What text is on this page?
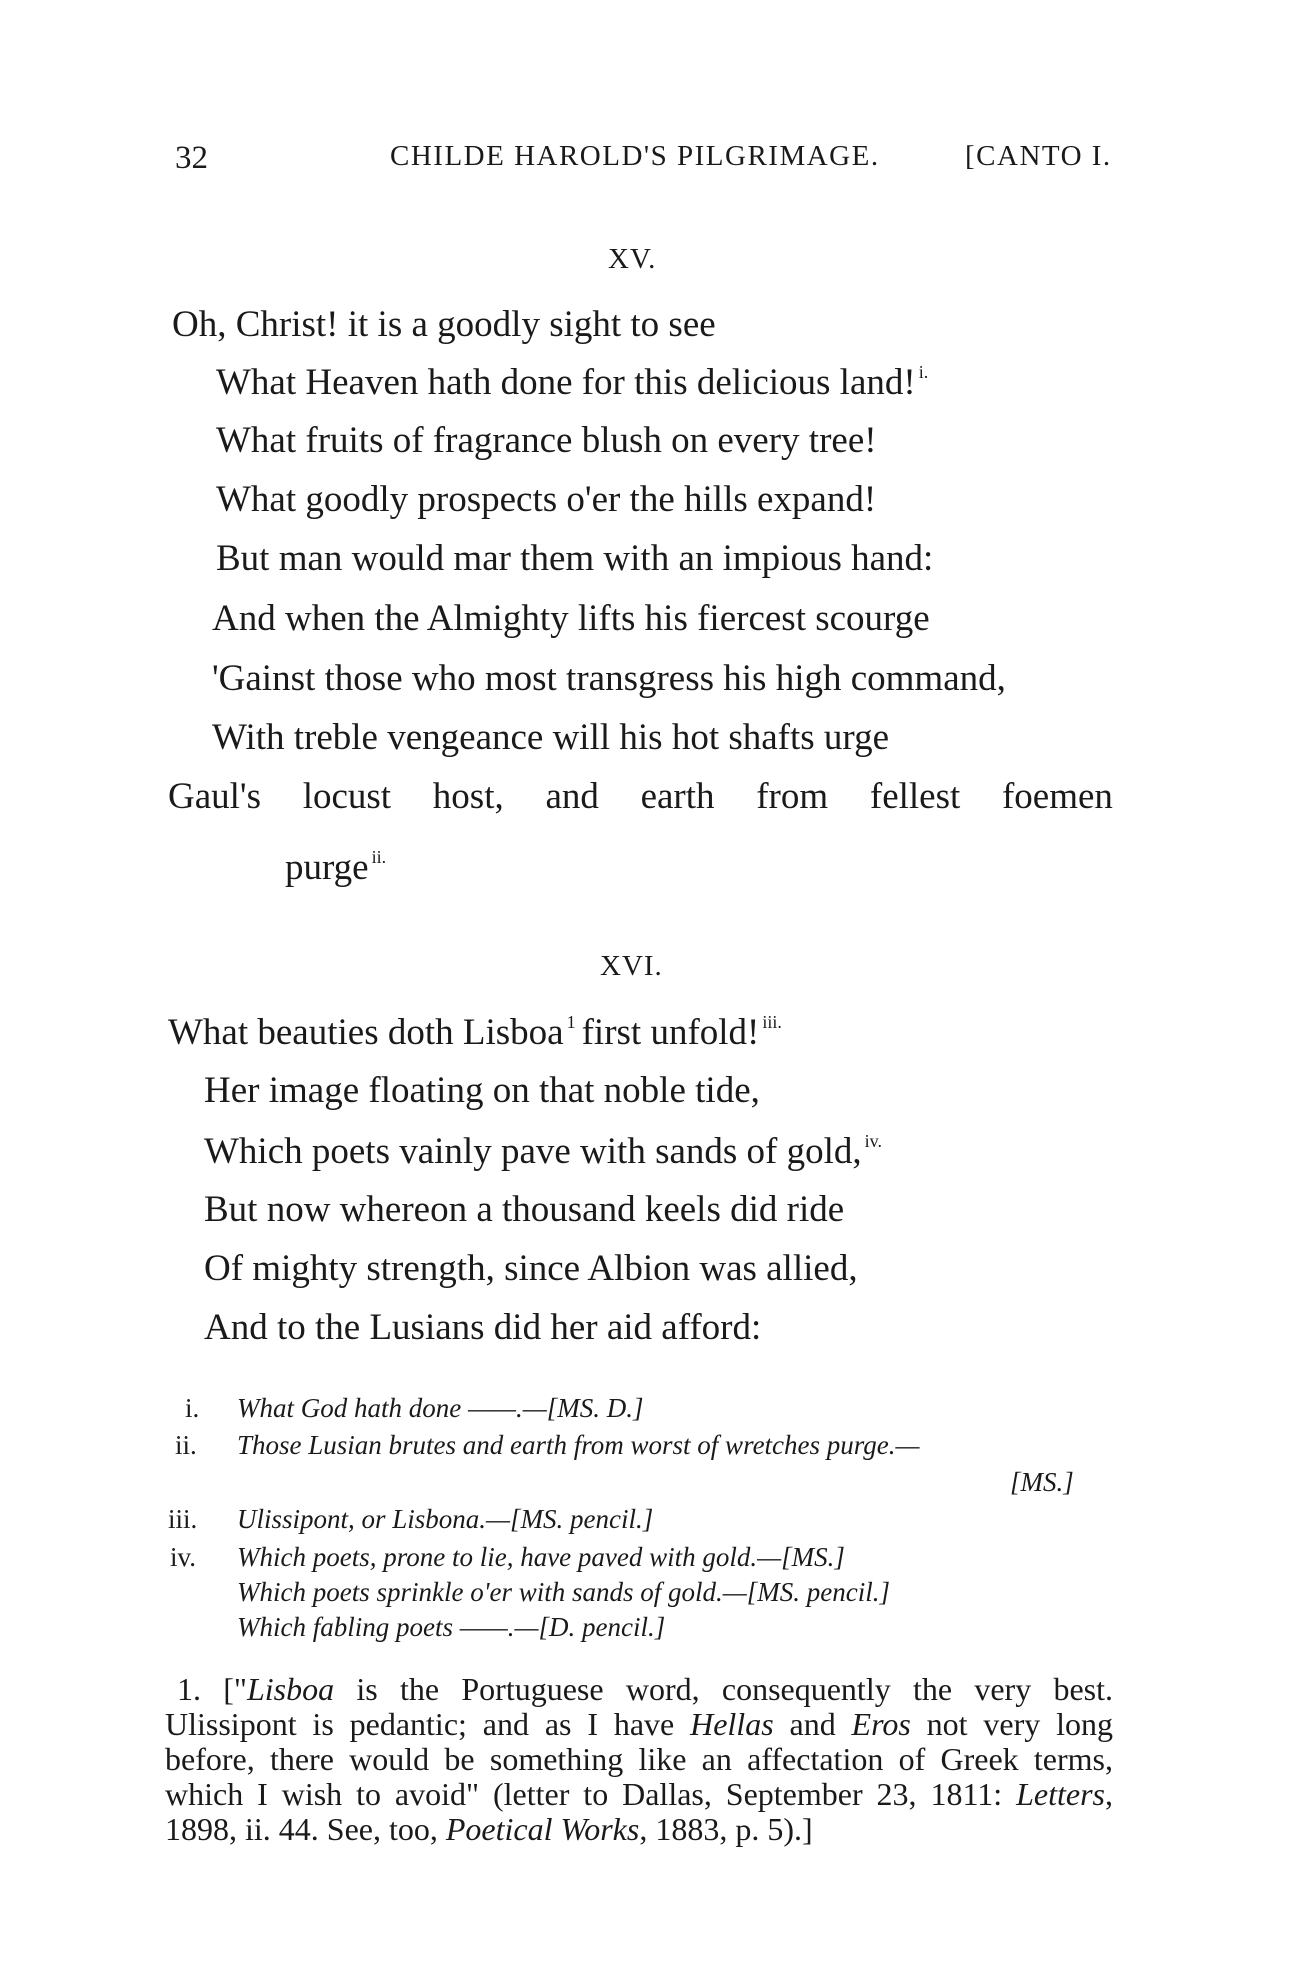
32	CHILDE HAROLD'S PILGRIMAGE.	[CANTO I.
XV.
Oh, Christ! it is a goodly sight to see
What Heaven hath done for this delicious land! $^{i.}$
What fruits of fragrance blush on every tree!
What goodly prospects o'er the hills expand!
But man would mar them with an impious hand:
And when the Almighty lifts his fiercest scourge
'Gainst those who most transgress his high command,
With treble vengeance will his hot shafts urge
Gaul's locust host, and earth from fellest foemen
purge $^{ii.}$
XVI.
What beauties doth Lisboa $^1$ first unfold! $^{iii.}$
Her image floating on that noble tide,
Which poets vainly pave with sands of gold, $^{iv.}$
But now whereon a thousand keels did ride
Of mighty strength, since Albion was allied,
And to the Lusians did her aid afford:
i. What God hath done ——.—[MS. D.]
ii. Those Lusian brutes and earth from worst of wretches purge.—
[MS.]
iii. Ulissipont, or Lisbona.—[MS. pencil.]
iv. Which poets, prone to lie, have paved with gold.—[MS.]
Which poets sprinkle o'er with sands of gold.—[MS. pencil.]
Which fabling poets ——.—[D. pencil.]
1. ["Lisboa is the Portuguese word, consequently the very best. Ulissipont is pedantic; and as I have Hellas and Eros not very long before, there would be something like an affectation of Greek terms, which I wish to avoid" (letter to Dallas, September 23, 1811: Letters, 1898, ii. 44. See, too, Poetical Works, 1883, p. 5).]
